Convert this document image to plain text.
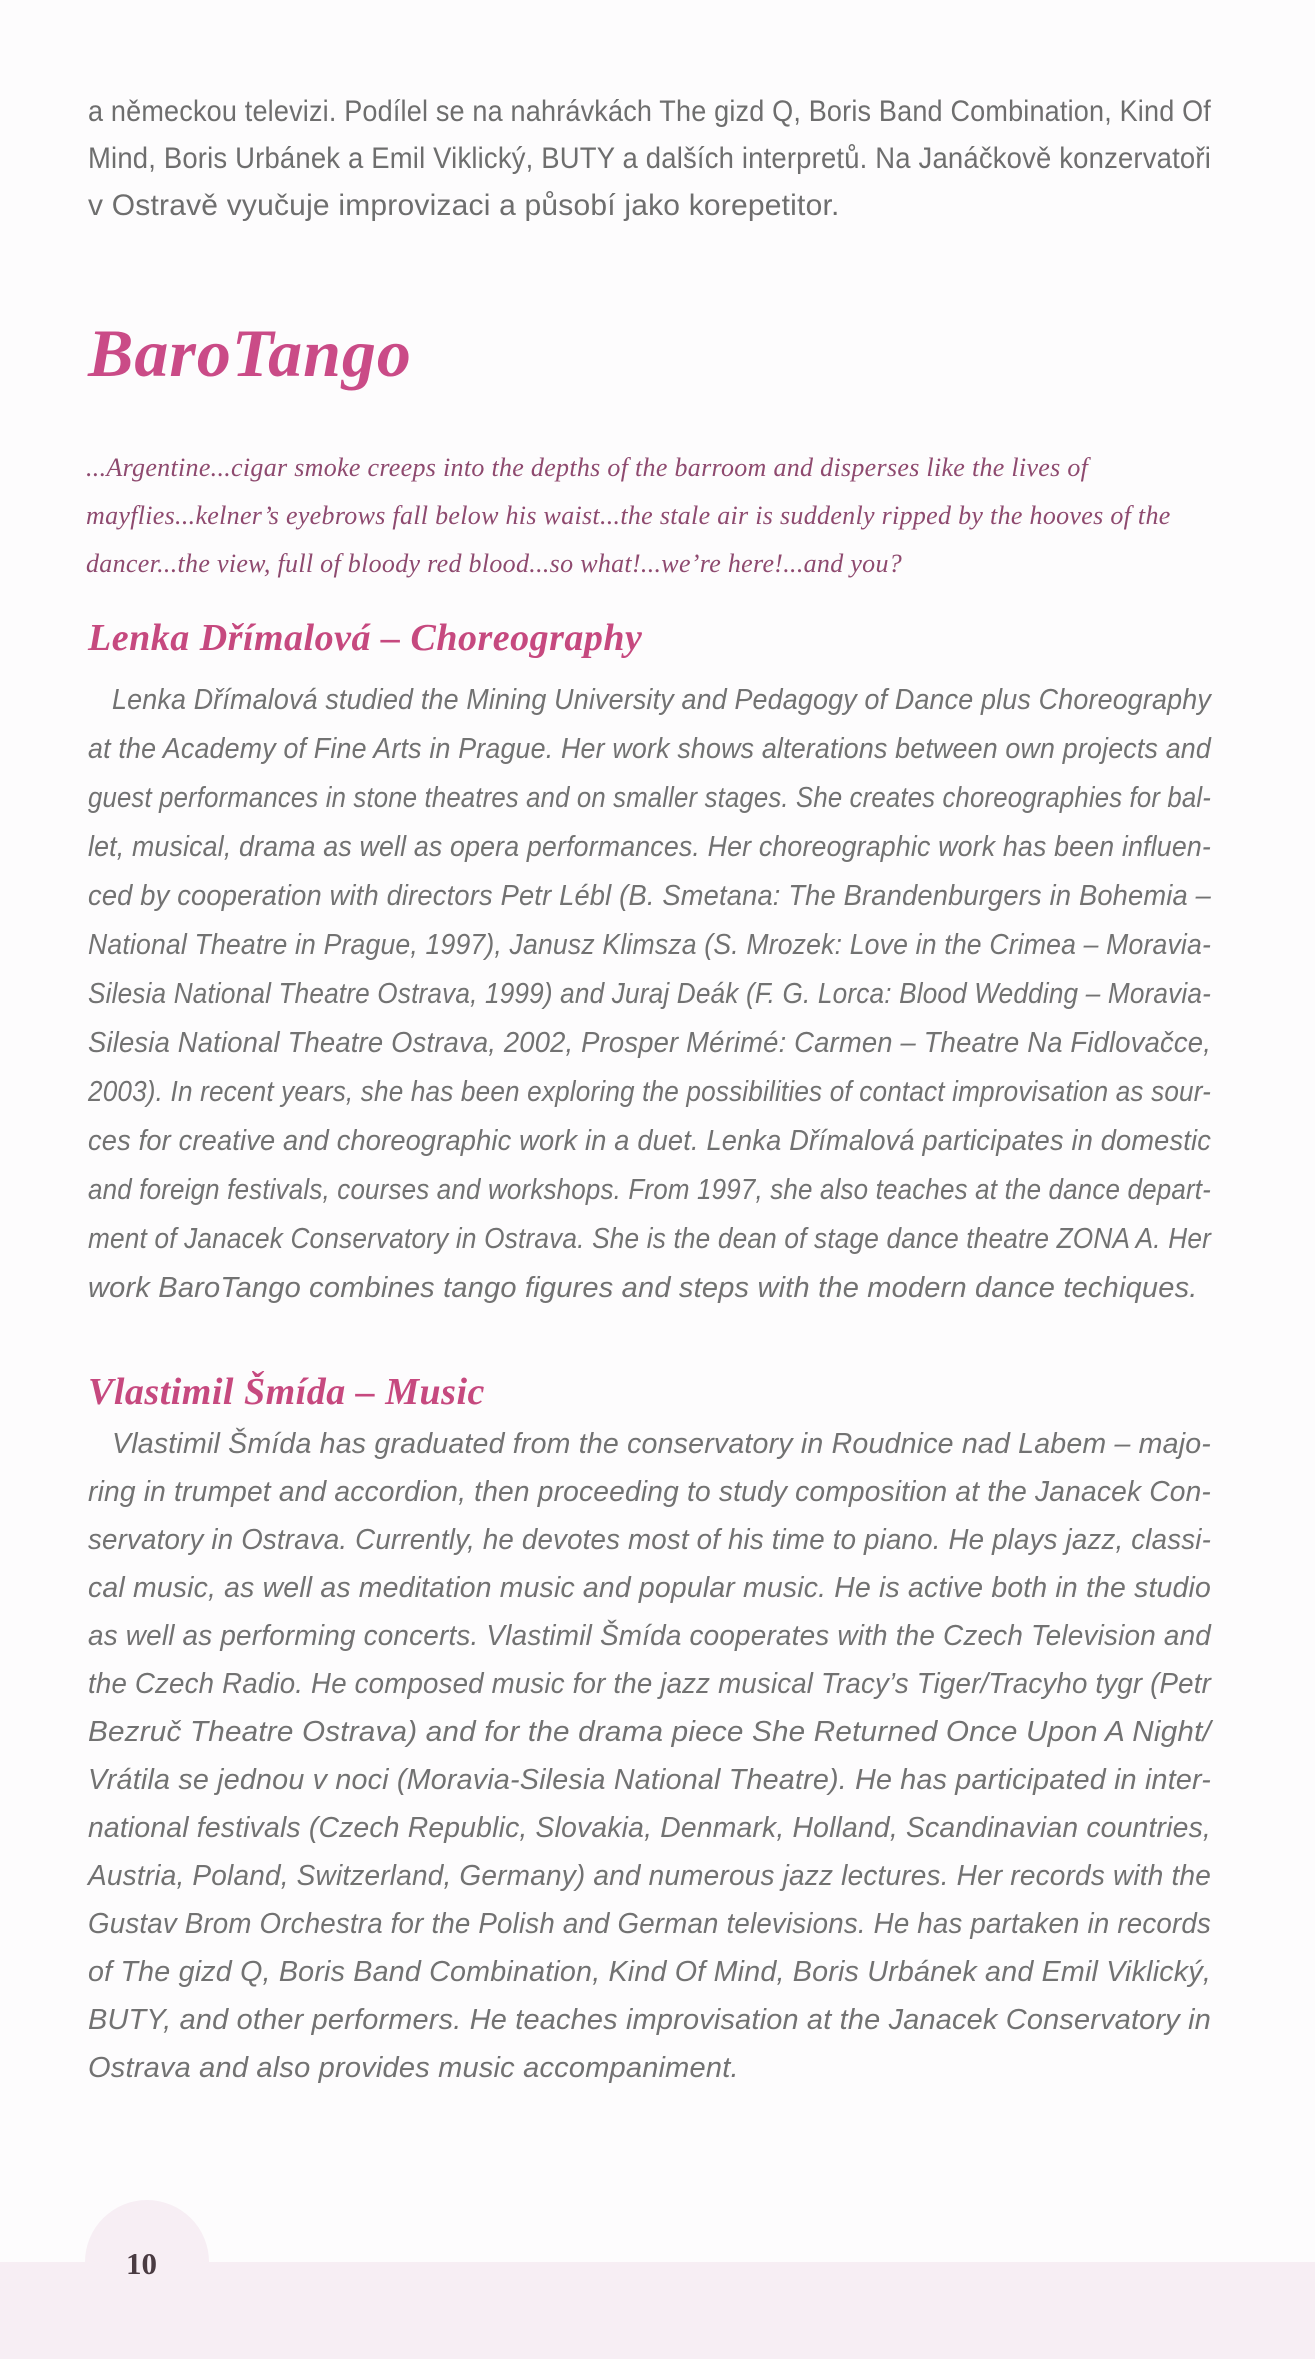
a německou televizi. Podílel se na nahrávkách The gizd Q, Boris Band Combination, Kind Of
Mind, Boris Urbánek a Emil Viklický, BUTY a dalších interpretů. Na Janáčkově konzervatoři
v Ostravě vyučuje improvizaci a působí jako korepetitor.
BaroTango
...Argentine...cigar smoke creeps into the depths of the barroom and disperses like the lives of
mayflies...kelner’s eyebrows fall below his waist...the stale air is suddenly ripped by the hooves of the
dancer...the view, full of bloody red blood...so what!...we’re here!...and you?
Lenka Dřímalová – Choreography
Lenka Dřímalová studied the Mining University and Pedagogy of Dance plus Choreography
at the Academy of Fine Arts in Prague. Her work shows alterations between own projects and
guest performances in stone theatres and on smaller stages. She creates choreographies for bal-
let, musical, drama as well as opera performances. Her choreographic work has been influen-
ced by cooperation with directors Petr Lébl (B. Smetana: The Brandenburgers in Bohemia –
National Theatre in Prague, 1997), Janusz Klimsza (S. Mrozek: Love in the Crimea – Moravia-
Silesia National Theatre Ostrava, 1999) and Juraj Deák (F. G. Lorca: Blood Wedding – Moravia-
Silesia National Theatre Ostrava, 2002, Prosper Mérimé: Carmen – Theatre Na Fidlovačce,
2003). In recent years, she has been exploring the possibilities of contact improvisation as sour-
ces for creative and choreographic work in a duet. Lenka Dřímalová participates in domestic
and foreign festivals, courses and workshops. From 1997, she also teaches at the dance depart-
ment of Janacek Conservatory in Ostrava. She is the dean of stage dance theatre ZONA A. Her
work BaroTango combines tango figures and steps with the modern dance techiques.
Vlastimil Šmída – Music
Vlastimil Šmída has graduated from the conservatory in Roudnice nad Labem – majo-
ring in trumpet and accordion, then proceeding to study composition at the Janacek Con-
servatory in Ostrava. Currently, he devotes most of his time to piano. He plays jazz, classi-
cal music, as well as meditation music and popular music. He is active both in the studio
as well as performing concerts. Vlastimil Šmída cooperates with the Czech Television and
the Czech Radio. He composed music for the jazz musical Tracy’s Tiger/Tracyho tygr (Petr
Bezruč Theatre Ostrava) and for the drama piece She Returned Once Upon A Night/
Vrátila se jednou v noci (Moravia-Silesia National Theatre). He has participated in inter-
national festivals (Czech Republic, Slovakia, Denmark, Holland, Scandinavian countries,
Austria, Poland, Switzerland, Germany) and numerous jazz lectures. Her records with the
Gustav Brom Orchestra for the Polish and German televisions. He has partaken in records
of The gizd Q, Boris Band Combination, Kind Of Mind, Boris Urbánek and Emil Viklický,
BUTY, and other performers. He teaches improvisation at the Janacek Conservatory in
Ostrava and also provides music accompaniment.
10
